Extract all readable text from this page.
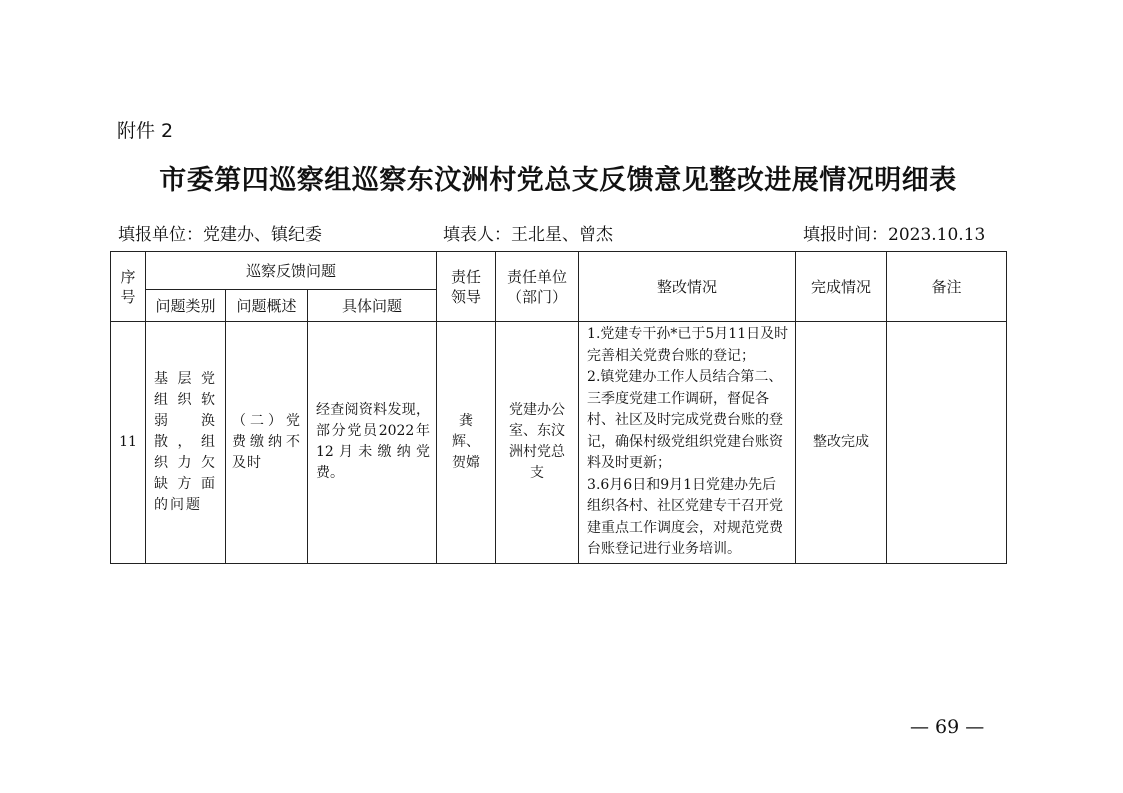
附件 2
市委第四巡察组巡察东汶洲村党总支反馈意见整改进展情况明细表
填报单位：党建办、镇纪委	填表人：王北星、曾杰	填报时间：2023.10.13
序号	巡察反馈问题			责任领导	责任单位（部门）	整改情况	完成情况	备注
	问题类别	问题概述	具体问题					
11	基层党组织软弱涣散，组织力欠缺方面的问题	（二）党费缴纳不及时	经查阅资料发现，部分党员2022年12月未缴纳党费。	龚辉、贺嫦	党建办公室、东汶洲村党总支	1.党建专干孙*已于5月11日及时完善相关党费台账的登记；
2.镇党建办工作人员结合第二、三季度党建工作调研，督促各村、社区及时完成党费台账的登记，确保村级党组织党建台账资料及时更新；
3.6月6日和9月1日党建办先后组织各村、社区党建专干召开党建重点工作调度会，对规范党费台账登记进行业务培训。	整改完成	
— 69 —
